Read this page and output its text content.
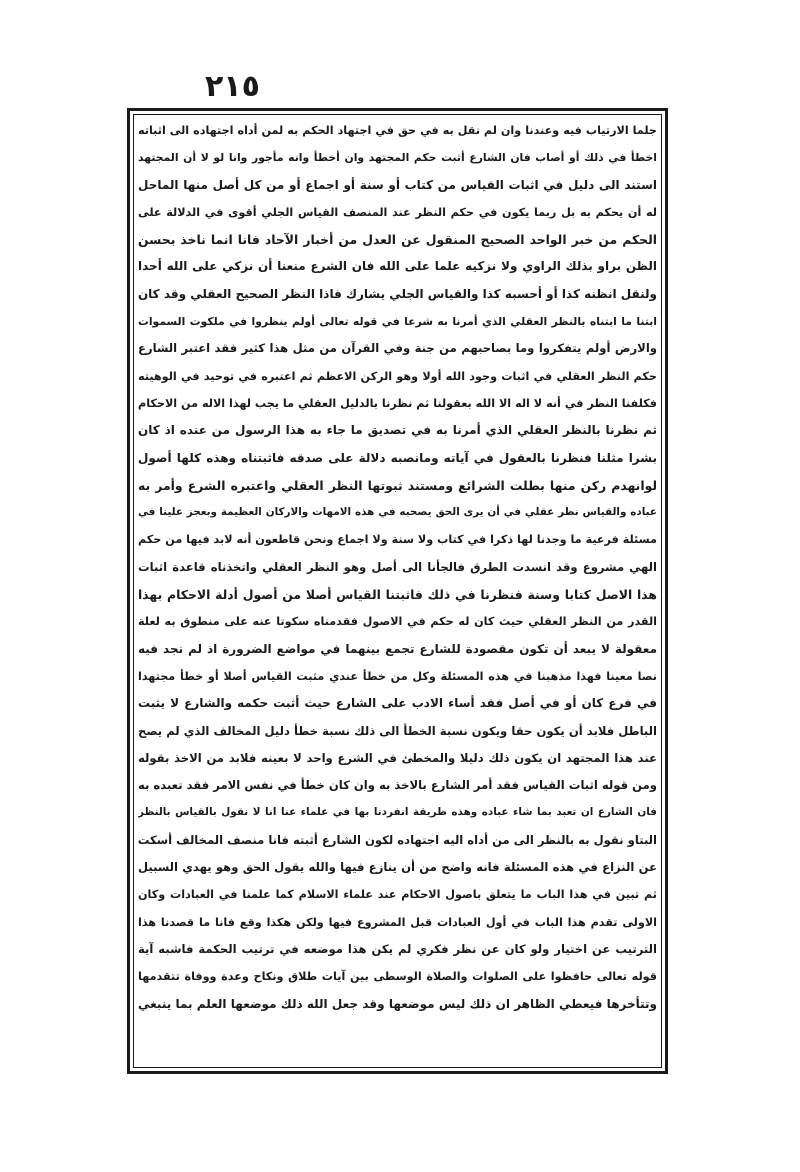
٢١٥
جلما الارتياب فيه وعندنا وان لم نقل به في حق في اجتهاد الحكم به لمن أداه اجتهاده الى اثباته
اخطأ في ذلك أو أصاب فان الشارع أثبت حكم المجتهد وان أخطأ وانه مأجور وانا لو لا أن المجتهد
استند الى دليل في اثبات القياس من كتاب أو سنة أو اجماع أو من كل أصل منها الماحل
له أن يحكم به بل ربما يكون في حكم النظر عند المنصف القياس الجلي أقوى في الدلالة على
الحكم من خبر الواحد الصحيح المنقول عن العدل من أخبار الآحاد فانا انما ناخذ بحسن
الظن براو بذلك الراوي ولا نزكيه علما على الله فان الشرع منعنا أن نزكي على الله أحدا
ولنقل انظنه كذا أو أحسبه كذا والقياس الجلي يشارك فاذا النظر الصحيح العقلي وقد كان
ابتنا ما ابتناه بالنظر العقلي الذي أمرنا به شرعا في قوله تعالى أولم ينظروا في ملكوت السموات
والارض أولم يتفكروا وما بصاحبهم من جنة وفي القرآن من مثل هذا كثير فقد اعتبر الشارع
حكم النظر العقلي في اثبات وجود الله أولا وهو الركن الاعظم ثم اعتبره في توحيد في الوهيته
فكلفنا النظر في أنه لا اله الا الله بعقولنا ثم نظرنا بالدليل العقلي ما يجب لهذا الاله من الاحكام
ثم نظرنا بالنظر العقلي الذي أمرنا به في تصديق ما جاء به هذا الرسول من عنده اذ كان
بشرا مثلنا فنظرنا بالعقول في آياته ومانصبه دلالة على صدقه فاثبتناه وهذه كلها أصول
لوانهدم ركن منها بطلت الشرائع ومستند ثبوتها النظر العقلي واعتبره الشرع وأمر به
عباده والقياس نظر عقلي في أن يرى الحق يصحبه في هذه الامهات والاركان العظيمة وبعجز علينا في
مسئلة فرعية ما وجدنا لها ذكرا في كتاب ولا سنة ولا اجماع ونحن قاطعون أنه لابد فيها من حكم
الهي مشروع وقد انسدت الطرق فالجأنا الى أصل وهو النظر العقلي واتخذناه قاعدة اثبات
هذا الاصل كتابا وسنة فنظرنا في ذلك فاثبتنا القياس أصلا من أصول أدلة الاحكام بهذا
القدر من النظر العقلي حيث كان له حكم في الاصول فقدمناه سكوتا عنه على منطوق به لعلة
معقولة لا يبعد أن تكون مقصودة للشارع تجمع بينهما في مواضع الضرورة اذ لم نجد فيه
نصا معينا فهذا مذهبنا في هذه المسئلة وكل من خطأ عندي مثبت القياس أصلا أو خطأ مجتهدا
في فرع كان أو في أصل فقد أساء الادب على الشارع حيث أثبت حكمه والشارع لا يثبت
الباطل فلابد أن يكون حقا ويكون نسبة الخطأ الى ذلك نسبة خطأ دليل المخالف الذي لم يصح
عند هذا المجتهد ان يكون ذلك دليلا والمخطئ في الشرع واحد لا بعينه فلابد من الاخذ بقوله
ومن قوله اثبات القياس فقد أمر الشارع بالاخذ به وان كان خطأ في نفس الامر فقد تعبده به
فان الشارع ان تعبد بما شاء عباده وهذه طريقة انفردنا بها في علماء عنا انا لا نقول بالقياس بالنظر
البتاو نقول به بالنظر الى من أداه اليه اجتهاده لكون الشارع أثبته فانا منصف المخالف أسكت
عن النزاع في هذه المسئلة فانه واضح من أن ينازع فيها والله يقول الحق وهو يهدي السبيل
ثم تبين في هذا الباب ما يتعلق باصول الاحكام عند علماء الاسلام كما علمنا في العبادات وكان
الاولى تقدم هذا الباب في أول العبادات قبل المشروع فيها ولكن هكذا وقع فانا ما قصدنا هذا
الترتيب عن اختيار ولو كان عن نظر فكري لم يكن هذا موضعه في ترتيب الحكمة فاشبه آية
قوله تعالى حافظوا على الصلوات والصلاة الوسطى بين آيات طلاق ونكاح وعدة ووفاة تتقدمها
وتتأخرها فيعطي الظاهر ان ذلك ليس موضعها وقد جعل الله ذلك موضعها العلم بما ينبغي
